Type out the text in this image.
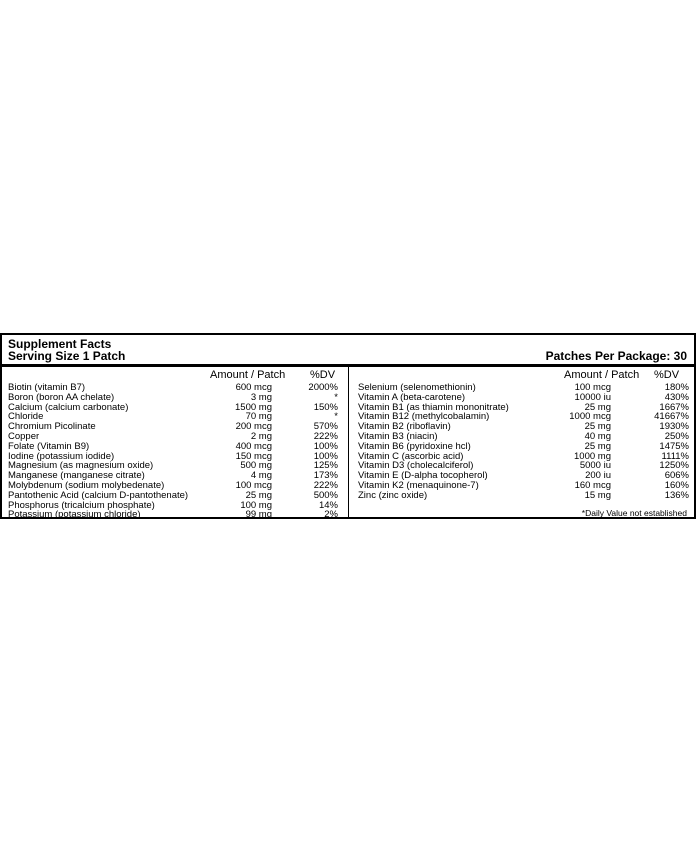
Supplement Facts
Serving Size 1 Patch	Patches Per Package: 30
Amount / Patch %DV	Amount / Patch %DV
Biotin (vitamin B7)	600 mcg	2000%
Boron (boron AA chelate)	3 mg	*
Calcium (calcium carbonate)	1500 mg	150%
Chloride	70 mg	*
Chromium Picolinate	200 mcg	570%
Copper	2 mg	222%
Folate (Vitamin B9)	400 mcg	100%
Iodine (potassium iodide)	150 mcg	100%
Magnesium (as magnesium oxide)	500 mg	125%
Manganese (manganese citrate)	4 mg	173%
Molybdenum (sodium molybedenate)	100 mcg	222%
Pantothenic Acid (calcium D-pantothenate)	25 mg	500%
Phosphorus (tricalcium phosphate)	100 mg	14%
Potassium (potassium chloride)	99 mg	2%
Selenium (selenomethionin)	100 mcg	180%
Vitamin A (beta-carotene)	10000 iu	430%
Vitamin B1 (as thiamin mononitrate)	25 mg	1667%
Vitamin B12 (methylcobalamin)	1000 mcg	41667%
Vitamin B2 (riboflavin)	25 mg	1930%
Vitamin B3 (niacin)	40 mg	250%
Vitamin B6 (pyridoxine hcl)	25 mg	1475%
Vitamin C (ascorbic acid)	1000 mg	1111%
Vitamin D3 (cholecalciferol)	5000 iu	1250%
Vitamin E (D-alpha tocopherol)	200 iu	606%
Vitamin K2 (menaquinone-7)	160 mcg	160%
Zinc (zinc oxide)	15 mg	136%
*Daily Value not established
